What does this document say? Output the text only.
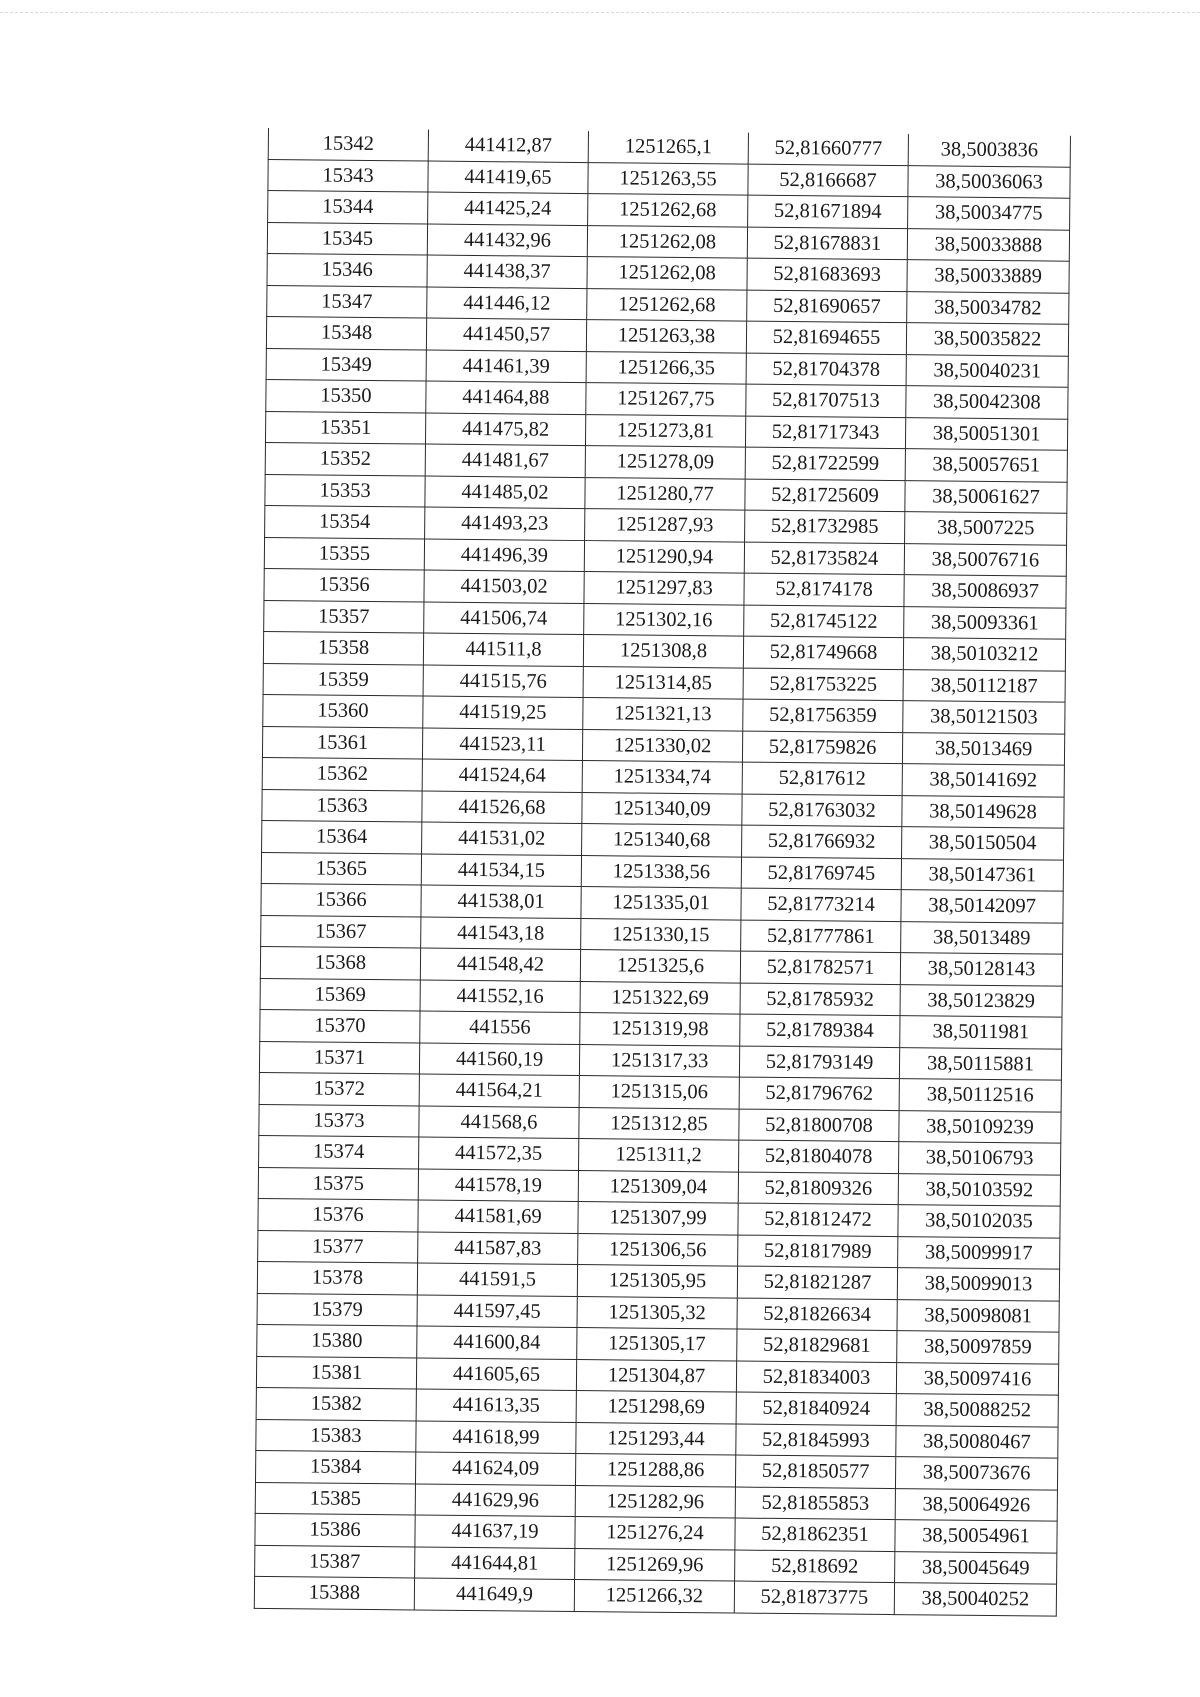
15342	441412,87	1251265,1	52,81660777	38,5003836
15343	441419,65	1251263,55	52,8166687	38,50036063
15344	441425,24	1251262,68	52,81671894	38,50034775
15345	441432,96	1251262,08	52,81678831	38,50033888
15346	441438,37	1251262,08	52,81683693	38,50033889
15347	441446,12	1251262,68	52,81690657	38,50034782
15348	441450,57	1251263,38	52,81694655	38,50035822
15349	441461,39	1251266,35	52,81704378	38,50040231
15350	441464,88	1251267,75	52,81707513	38,50042308
15351	441475,82	1251273,81	52,81717343	38,50051301
15352	441481,67	1251278,09	52,81722599	38,50057651
15353	441485,02	1251280,77	52,81725609	38,50061627
15354	441493,23	1251287,93	52,81732985	38,5007225
15355	441496,39	1251290,94	52,81735824	38,50076716
15356	441503,02	1251297,83	52,8174178	38,50086937
15357	441506,74	1251302,16	52,81745122	38,50093361
15358	441511,8	1251308,8	52,81749668	38,50103212
15359	441515,76	1251314,85	52,81753225	38,50112187
15360	441519,25	1251321,13	52,81756359	38,50121503
15361	441523,11	1251330,02	52,81759826	38,5013469
15362	441524,64	1251334,74	52,817612	38,50141692
15363	441526,68	1251340,09	52,81763032	38,50149628
15364	441531,02	1251340,68	52,81766932	38,50150504
15365	441534,15	1251338,56	52,81769745	38,50147361
15366	441538,01	1251335,01	52,81773214	38,50142097
15367	441543,18	1251330,15	52,81777861	38,5013489
15368	441548,42	1251325,6	52,81782571	38,50128143
15369	441552,16	1251322,69	52,81785932	38,50123829
15370	441556	1251319,98	52,81789384	38,5011981
15371	441560,19	1251317,33	52,81793149	38,50115881
15372	441564,21	1251315,06	52,81796762	38,50112516
15373	441568,6	1251312,85	52,81800708	38,50109239
15374	441572,35	1251311,2	52,81804078	38,50106793
15375	441578,19	1251309,04	52,81809326	38,50103592
15376	441581,69	1251307,99	52,81812472	38,50102035
15377	441587,83	1251306,56	52,81817989	38,50099917
15378	441591,5	1251305,95	52,81821287	38,50099013
15379	441597,45	1251305,32	52,81826634	38,50098081
15380	441600,84	1251305,17	52,81829681	38,50097859
15381	441605,65	1251304,87	52,81834003	38,50097416
15382	441613,35	1251298,69	52,81840924	38,50088252
15383	441618,99	1251293,44	52,81845993	38,50080467
15384	441624,09	1251288,86	52,81850577	38,50073676
15385	441629,96	1251282,96	52,81855853	38,50064926
15386	441637,19	1251276,24	52,81862351	38,50054961
15387	441644,81	1251269,96	52,818692	38,50045649
15388	441649,9	1251266,32	52,81873775	38,50040252
